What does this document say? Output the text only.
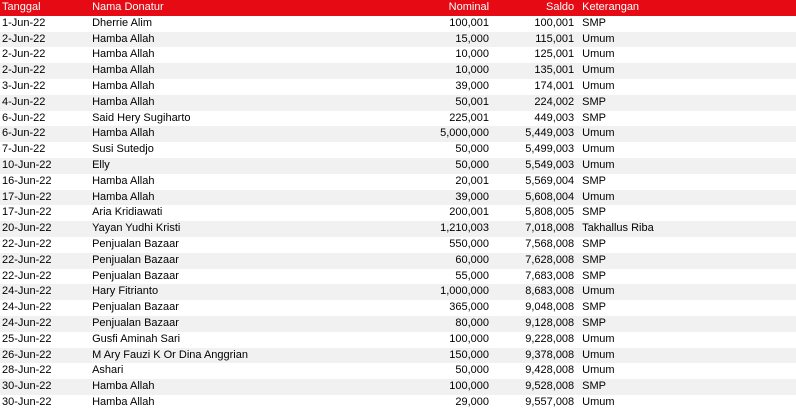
Tanggal	Nama Donatur	Nominal	Saldo Keterangan
1-Jun-22	Dherrie Alim	100,001	100,001 SMP
2-Jun-22	Hamba Allah	15,000	115,001 Umum
2-Jun-22	Hamba Allah	10,000	125,001 Umum
2-Jun-22	Hamba Allah	10,000	135,001 Umum
3-Jun-22	Hamba Allah	39,000	174,001 Umum
4-Jun-22	Hamba Allah	50,001	224,002 SMP
6-Jun-22	Said Hery Sugiharto	225,001	449,003 SMP
6-Jun-22	Hamba Allah	5,000,000	5,449,003 Umum
7-Jun-22	Susi Sutedjo	50,000	5,499,003 Umum
10-Jun-22	Elly	50,000	5,549,003 Umum
16-Jun-22	Hamba Allah	20,001	5,569,004 SMP
17-Jun-22	Hamba Allah	39,000	5,608,004 Umum
17-Jun-22	Aria Kridiawati	200,001	5,808,005 SMP
20-Jun-22	Yayan Yudhi Kristi	1,210,003	7,018,008 Takhallus Riba
22-Jun-22	Penjualan Bazaar	550,000	7,568,008 SMP
22-Jun-22	Penjualan Bazaar	60,000	7,628,008 SMP
22-Jun-22	Penjualan Bazaar	55,000	7,683,008 SMP
24-Jun-22	Hary Fitrianto	1,000,000	8,683,008 Umum
24-Jun-22	Penjualan Bazaar	365,000	9,048,008 SMP
24-Jun-22	Penjualan Bazaar	80,000	9,128,008 SMP
25-Jun-22	Gusfi Aminah Sari	100,000	9,228,008 Umum
26-Jun-22	M Ary Fauzi K Or Dina Anggrian	150,000	9,378,008 Umum
28-Jun-22	Ashari	50,000	9,428,008 Umum
30-Jun-22	Hamba Allah	100,000	9,528,008 SMP
30-Jun-22	Hamba Allah	29,000	9,557,008 Umum
